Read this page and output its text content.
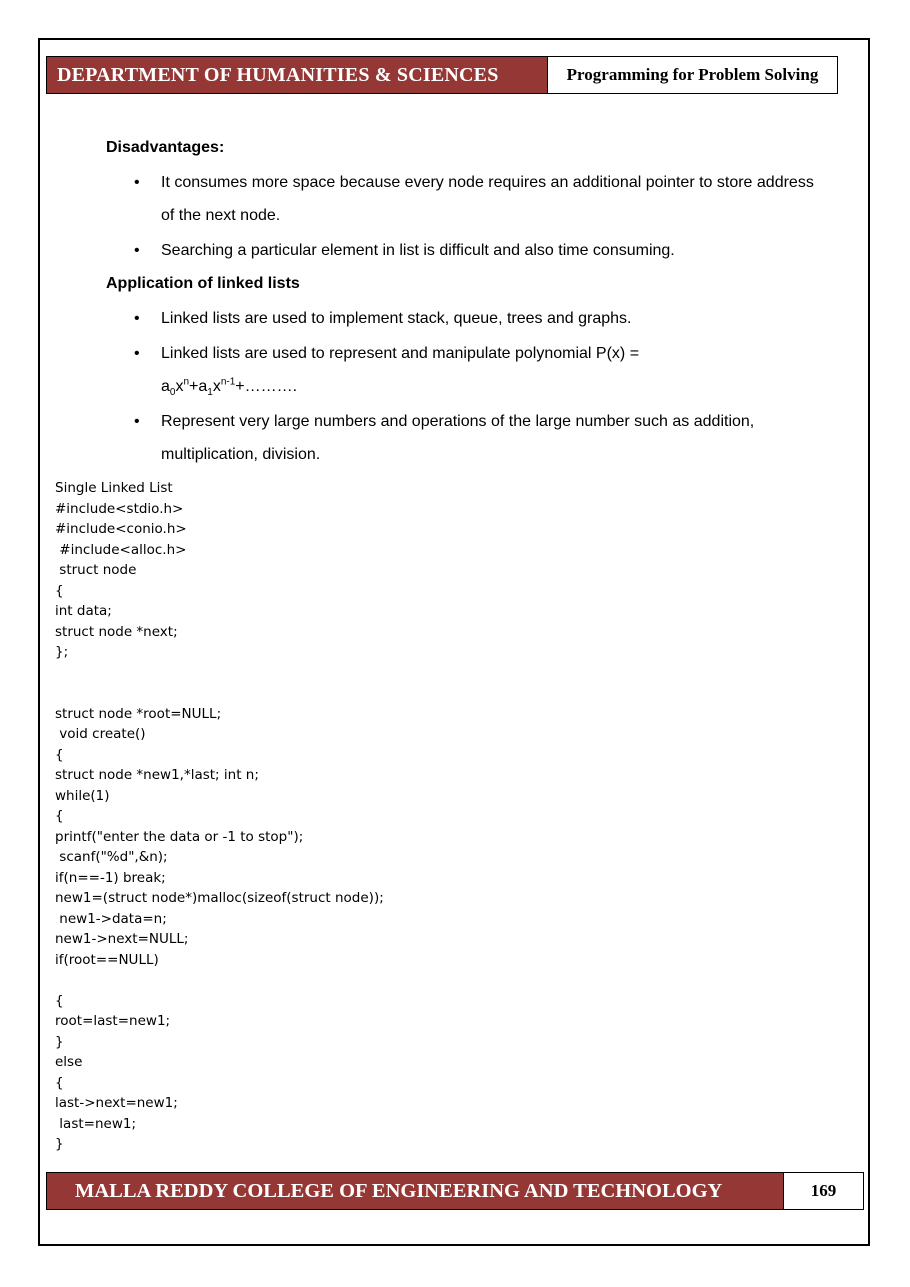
DEPARTMENT OF HUMANITIES & SCIENCES	Programming for Problem Solving
Disadvantages:
• It consumes more space because every node requires an additional pointer to store address of the next node.
• Searching a particular element in list is difficult and also time consuming.
Application of linked lists
• Linked lists are used to implement stack, queue, trees and graphs.
• Linked lists are used to represent and manipulate polynomial P(x) =
$a_0x^n+a_1x^{n-1}+\dots\dots\dots$.
• Represent very large numbers and operations of the large number such as addition, multiplication, division.
Single Linked List
#include<stdio.h>
#include<conio.h>
#include<alloc.h>
struct node
{
int data;
struct node *next;
};

struct node *root=NULL;
void create()
{
struct node *new1,*last; int n;
while(1)
{
printf("enter the data or -1 to stop");
scanf("%d",&n);
if(n==-1) break;
new1=(struct node*)malloc(sizeof(struct node));
new1->data=n;
new1->next=NULL;
if(root==NULL)

{
root=last=new1;
}
else
{
last->next=new1;
last=new1;
}
MALLA REDDY COLLEGE OF ENGINEERING AND TECHNOLOGY	169
